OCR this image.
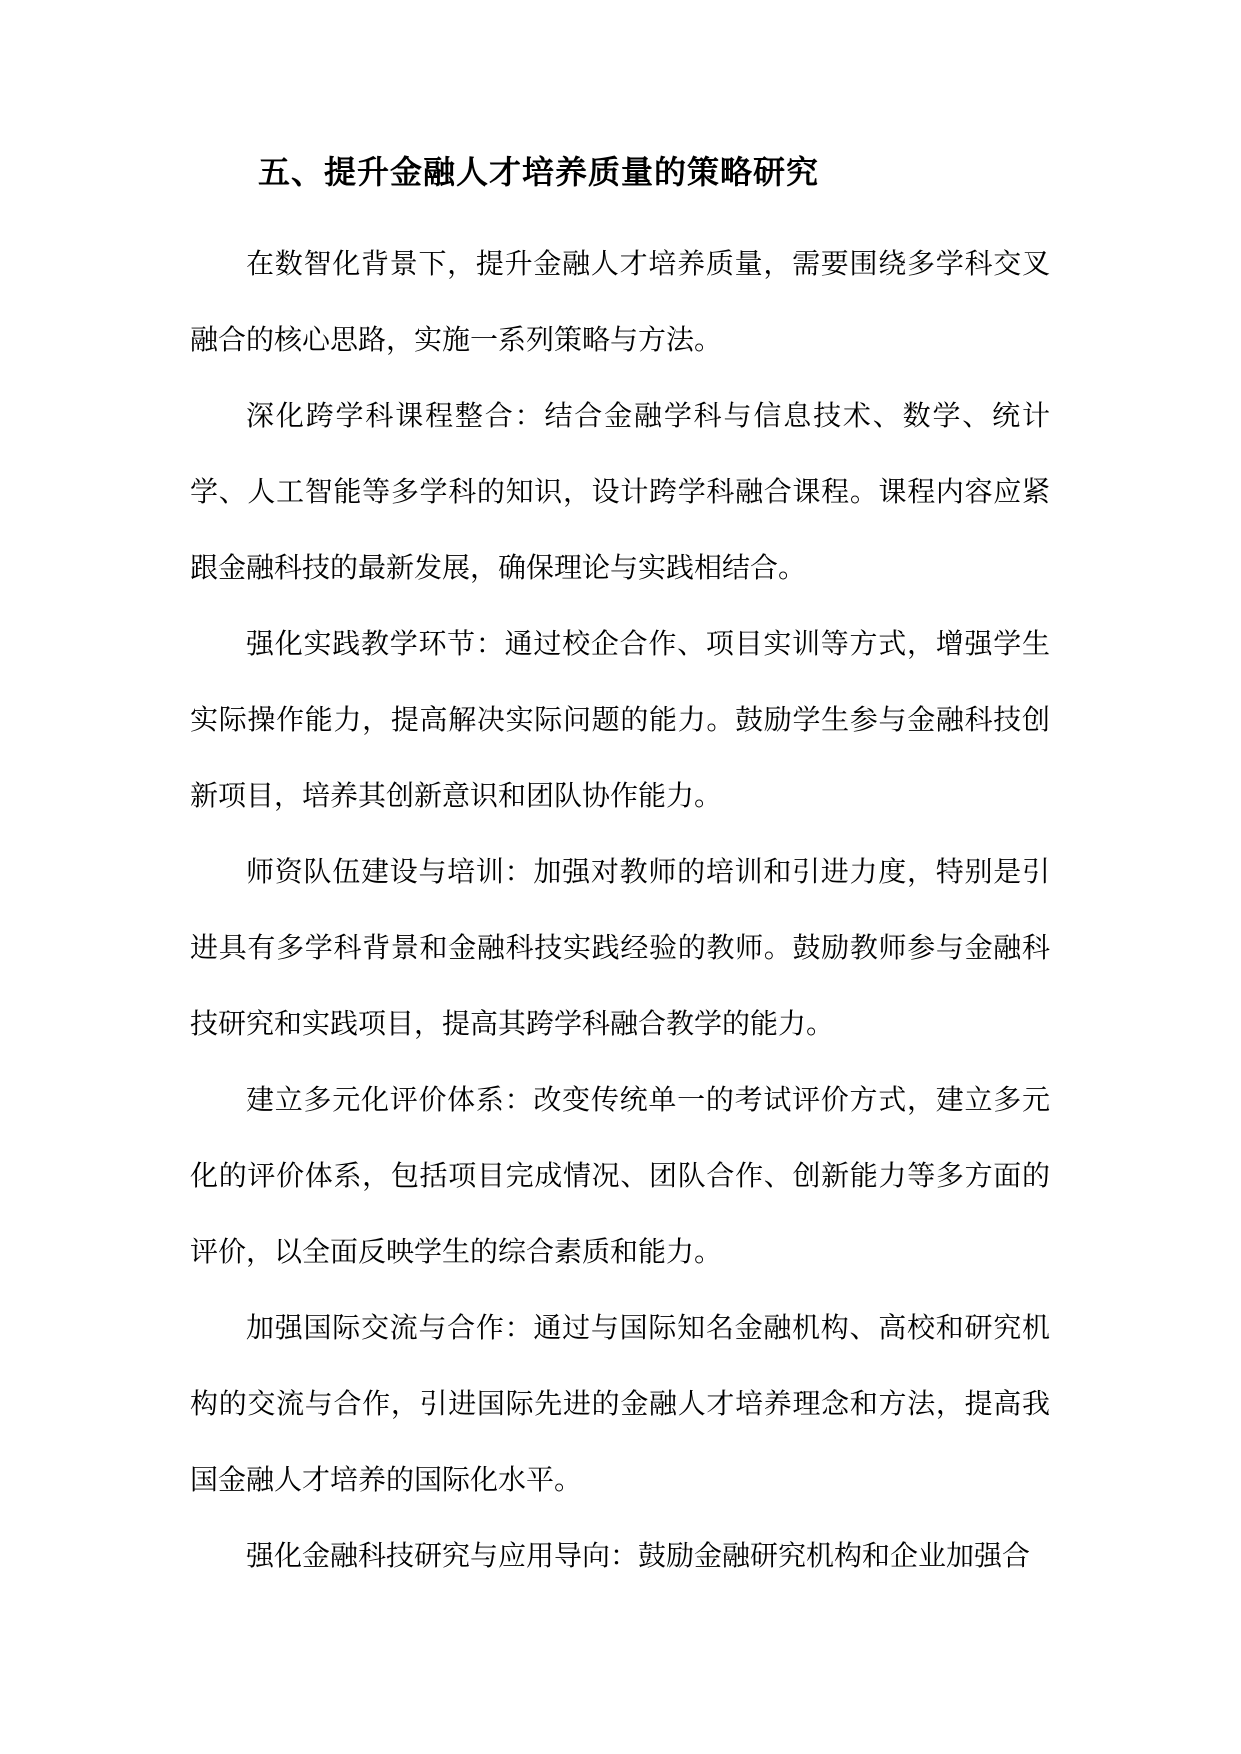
五、提升金融人才培养质量的策略研究

在数智化背景下，提升金融人才培养质量，需要围绕多学科交叉融合的核心思路，实施一系列策略与方法。

深化跨学科课程整合：结合金融学科与信息技术、数学、统计学、人工智能等多学科的知识，设计跨学科融合课程。课程内容应紧跟金融科技的最新发展，确保理论与实践相结合。

强化实践教学环节：通过校企合作、项目实训等方式，增强学生实际操作能力，提高解决实际问题的能力。鼓励学生参与金融科技创新项目，培养其创新意识和团队协作能力。

师资队伍建设与培训：加强对教师的培训和引进力度，特别是引进具有多学科背景和金融科技实践经验的教师。鼓励教师参与金融科技研究和实践项目，提高其跨学科融合教学的能力。

建立多元化评价体系：改变传统单一的考试评价方式，建立多元化的评价体系，包括项目完成情况、团队合作、创新能力等多方面的评价，以全面反映学生的综合素质和能力。

加强国际交流与合作：通过与国际知名金融机构、高校和研究机构的交流与合作，引进国际先进的金融人才培养理念和方法，提高我国金融人才培养的国际化水平。

强化金融科技研究与应用导向：鼓励金融研究机构和企业加强合
